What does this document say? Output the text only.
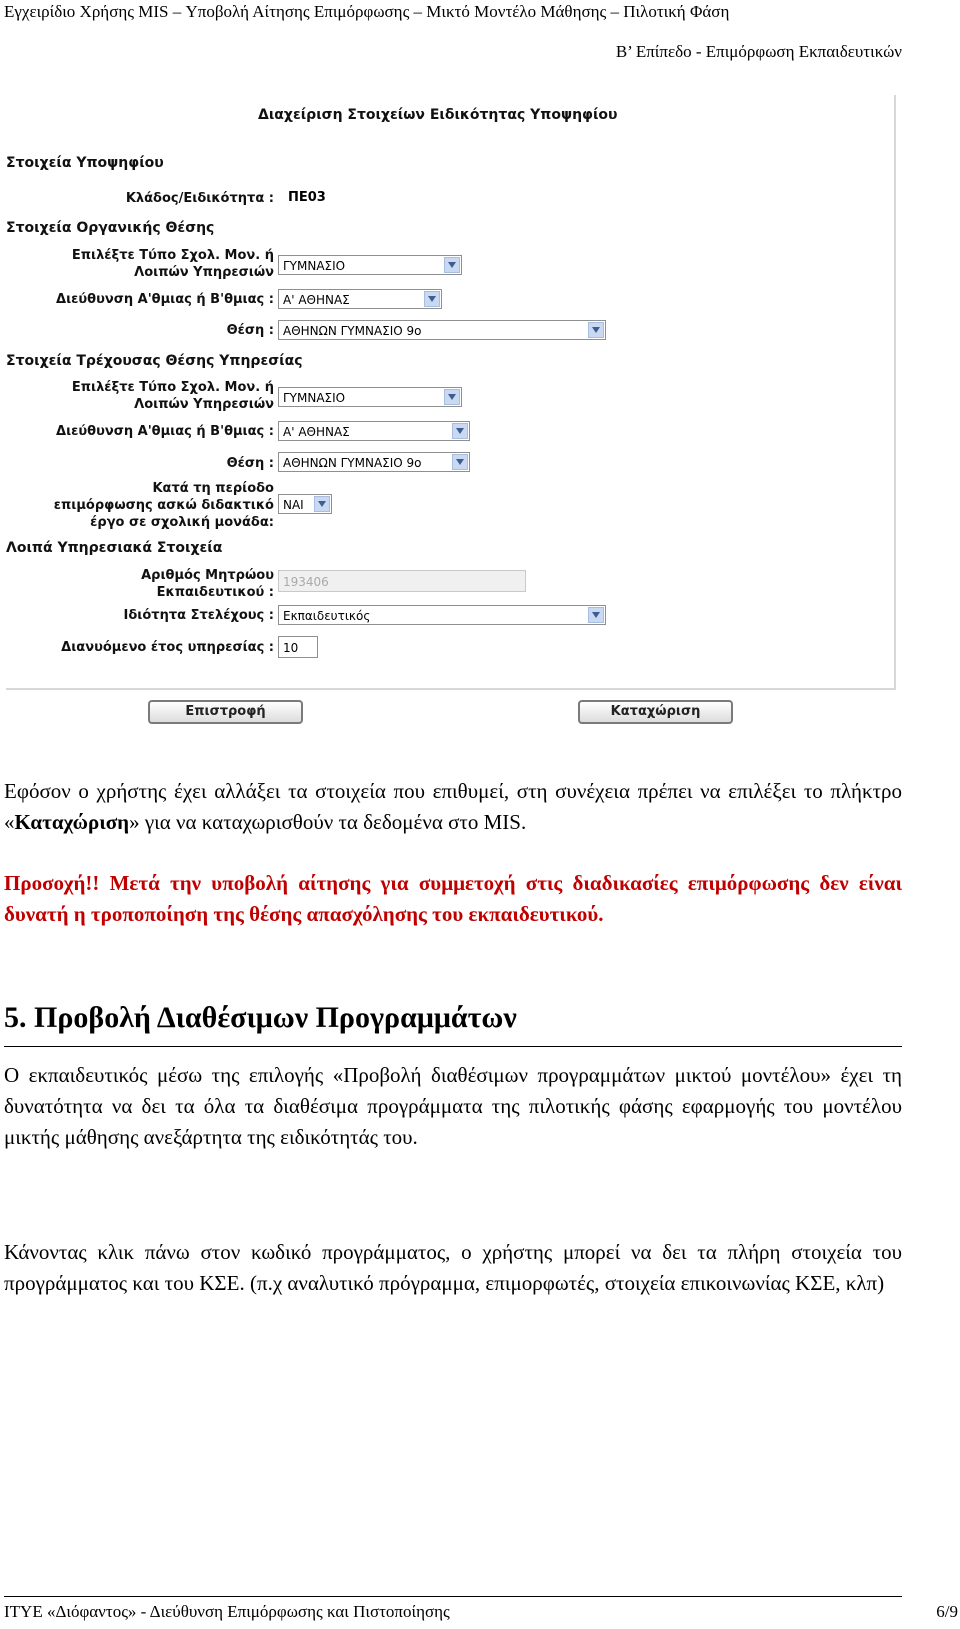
Εγχειρίδιο Χρήσης MIS – Υποβολή Αίτησης Επιμόρφωσης – Μικτό Μοντέλο Μάθησης – Πιλοτική Φάση
Β’ Επίπεδο - Επιμόρφωση Εκπαιδευτικών
Διαχείριση Στοιχείων Ειδικότητας Υποψηφίου
Στοιχεία Υποψηφίου
Κλάδος/Ειδικότητα : ΠΕ03
Στοιχεία Οργανικής Θέσης
Επιλέξτε Τύπο Σχολ. Μον. ή
Λοιπών Υπηρεσιών ΓΥΜΝΑΣΙΟ
Διεύθυνση Α'θμιας ή Β'θμιας : Α' ΑΘΗΝΑΣ
Θέση : ΑΘΗΝΩΝ ΓΥΜΝΑΣΙΟ 9ο
Στοιχεία Τρέχουσας Θέσης Υπηρεσίας
Επιλέξτε Τύπο Σχολ. Μον. ή
Λοιπών Υπηρεσιών ΓΥΜΝΑΣΙΟ
Διεύθυνση Α'θμιας ή Β'θμιας : Α' ΑΘΗΝΑΣ
Θέση : ΑΘΗΝΩΝ ΓΥΜΝΑΣΙΟ 9ο
Κατά τη περίοδο
επιμόρφωσης ασκώ διδακτικό
έργο σε σχολική μονάδα:
ΝΑΙ
Λοιπά Υπηρεσιακά Στοιχεία
Αριθμός Μητρώου
Εκπαιδευτικού :
193406
Ιδιότητα Στελέχους : Εκπαιδευτικός
Διανυόμενο έτος υπηρεσίας : 10
Επιστροφή	Καταχώριση
Εφόσον ο χρήστης έχει αλλάξει τα στοιχεία που επιθυμεί, στη συνέχεια πρέπει να επιλέξει το πλήκτρο «Καταχώριση» για να καταχωρισθούν τα δεδομένα στο MIS.
Προσοχή!! Μετά την υποβολή αίτησης για συμμετοχή στις διαδικασίες επιμόρφωσης δεν είναι δυνατή η τροποποίηση της θέσης απασχόλησης του εκπαιδευτικού.
5. Προβολή Διαθέσιμων Προγραμμάτων
Ο εκπαιδευτικός μέσω της επιλογής «Προβολή διαθέσιμων προγραμμάτων μικτού μοντέλου» έχει τη δυνατότητα να δει τα όλα τα διαθέσιμα προγράμματα της πιλοτικής φάσης εφαρμογής του μοντέλου μικτής μάθησης ανεξάρτητα της ειδικότητάς του.
Κάνοντας κλικ πάνω στον κωδικό προγράμματος, ο χρήστης μπορεί να δει τα πλήρη στοιχεία του προγράμματος και του ΚΣΕ. (π.χ αναλυτικό πρόγραμμα, επιμορφωτές, στοιχεία επικοινωνίας ΚΣΕ, κλπ)
ΙΤΥΕ «Διόφαντος» - Διεύθυνση Επιμόρφωσης και Πιστοποίησης	6/9
